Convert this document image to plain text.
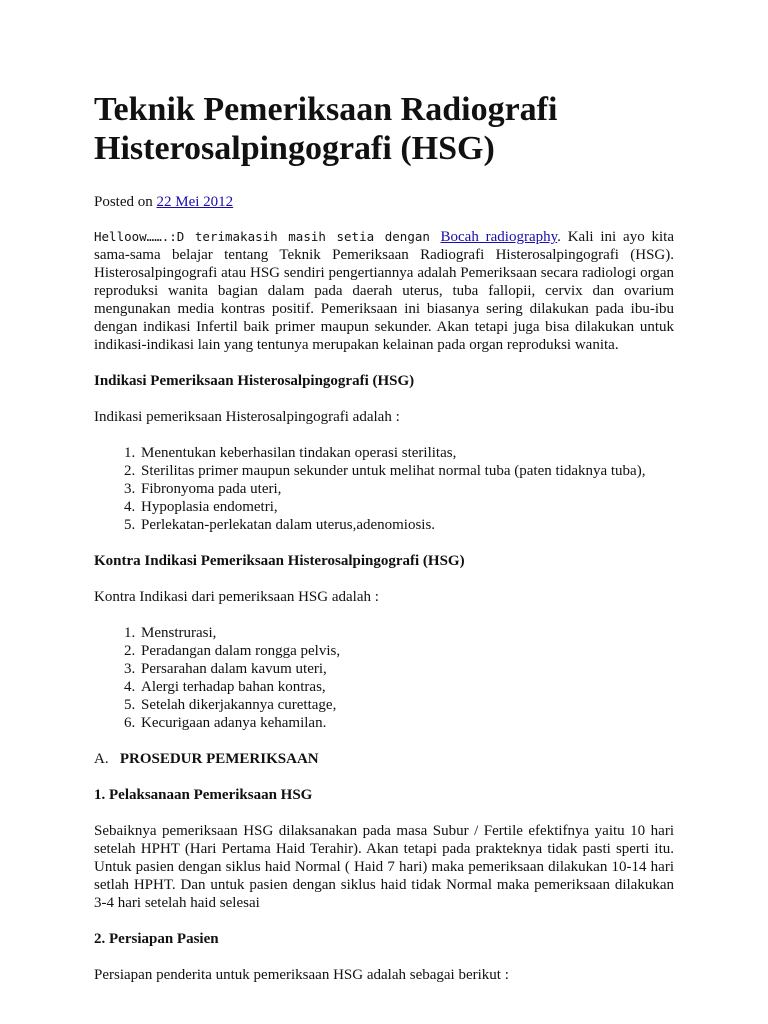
Teknik Pemeriksaan Radiografi
Histerosalpingografi (HSG)
Posted on 22 Mei 2012

Helloow…….:D terimakasih masih setia dengan Bocah radiography. Kali ini ayo kita sama-sama belajar tentang Teknik Pemeriksaan Radiografi Histerosalpingografi (HSG). Histerosalpingografi atau HSG sendiri pengertiannya adalah Pemeriksaan secara radiologi organ reproduksi wanita bagian dalam pada daerah uterus, tuba fallopii, cervix dan ovarium mengunakan media kontras positif. Pemeriksaan ini biasanya sering dilakukan pada ibu-ibu dengan indikasi Infertil baik primer maupun sekunder. Akan tetapi juga bisa dilakukan untuk indikasi-indikasi lain yang tentunya merupakan kelainan pada organ reproduksi wanita.

Indikasi Pemeriksaan Histerosalpingografi (HSG)

Indikasi pemeriksaan Histerosalpingografi adalah :

1. Menentukan keberhasilan tindakan operasi sterilitas,
2. Sterilitas primer maupun sekunder untuk melihat normal tuba (paten tidaknya tuba),
3. Fibronyoma pada uteri,
4. Hypoplasia endometri,
5. Perlekatan-perlekatan dalam uterus,adenomiosis.
Kontra Indikasi Pemeriksaan Histerosalpingografi (HSG)

Kontra Indikasi dari pemeriksaan HSG adalah :

1. Menstrurasi,
2. Peradangan dalam rongga pelvis,
3. Persarahan dalam kavum uteri,
4. Alergi terhadap bahan kontras,
5. Setelah dikerjakannya curettage,
6. Kecurigaan adanya kehamilan.
A. PROSEDUR PEMERIKSAAN
1. Pelaksanaan Pemeriksaan HSG

Sebaiknya pemeriksaan HSG dilaksanakan pada masa Subur / Fertile efektifnya yaitu 10 hari setelah HPHT (Hari Pertama Haid Terahir). Akan tetapi pada prakteknya tidak pasti sperti itu. Untuk pasien dengan siklus haid Normal ( Haid 7 hari) maka pemeriksaan dilakukan 10-14 hari setlah HPHT. Dan untuk pasien dengan siklus haid tidak Normal maka pemeriksaan dilakukan 3-4 hari setelah haid selesai

2. Persiapan Pasien

Persiapan penderita untuk pemeriksaan HSG adalah sebagai berikut :
